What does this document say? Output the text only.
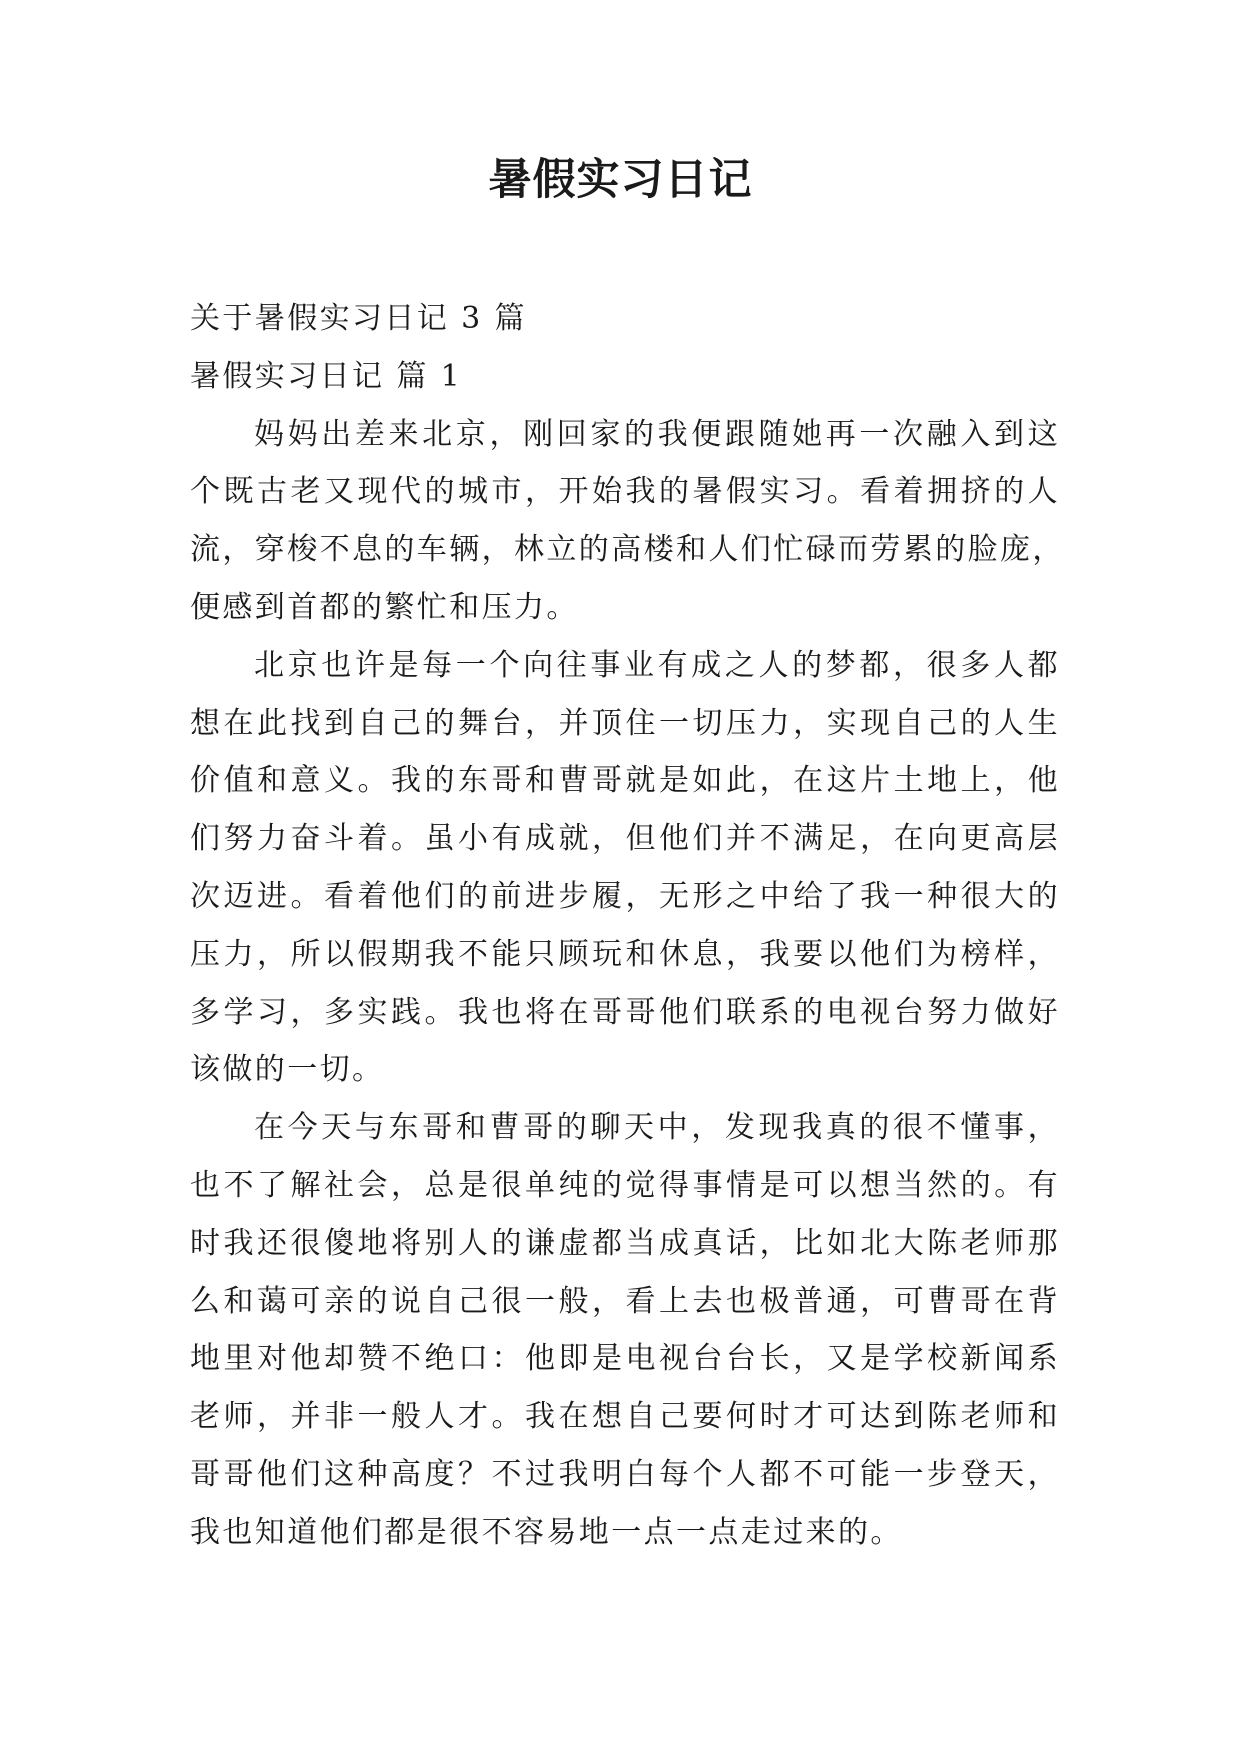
暑假实习日记

关于暑假实习日记 3 篇

暑假实习日记 篇 1

妈妈出差来北京，刚回家的我便跟随她再一次融入到这

个既古老又现代的城市，开始我的暑假实习。看着拥挤的人

流，穿梭不息的车辆，林立的高楼和人们忙碌而劳累的脸庞，

便感到首都的繁忙和压力。

北京也许是每一个向往事业有成之人的梦都，很多人都

想在此找到自己的舞台，并顶住一切压力，实现自己的人生

价值和意义。我的东哥和曹哥就是如此，在这片土地上，他

们努力奋斗着。虽小有成就，但他们并不满足，在向更高层

次迈进。看着他们的前进步履，无形之中给了我一种很大的

压力，所以假期我不能只顾玩和休息，我要以他们为榜样，

多学习，多实践。我也将在哥哥他们联系的电视台努力做好

该做的一切。

在今天与东哥和曹哥的聊天中，发现我真的很不懂事，

也不了解社会，总是很单纯的觉得事情是可以想当然的。有

时我还很傻地将别人的谦虚都当成真话，比如北大陈老师那

么和蔼可亲的说自己很一般，看上去也极普通，可曹哥在背

地里对他却赞不绝口：他即是电视台台长，又是学校新闻系

老师，并非一般人才。我在想自己要何时才可达到陈老师和

哥哥他们这种高度？不过我明白每个人都不可能一步登天，

我也知道他们都是很不容易地一点一点走过来的。
